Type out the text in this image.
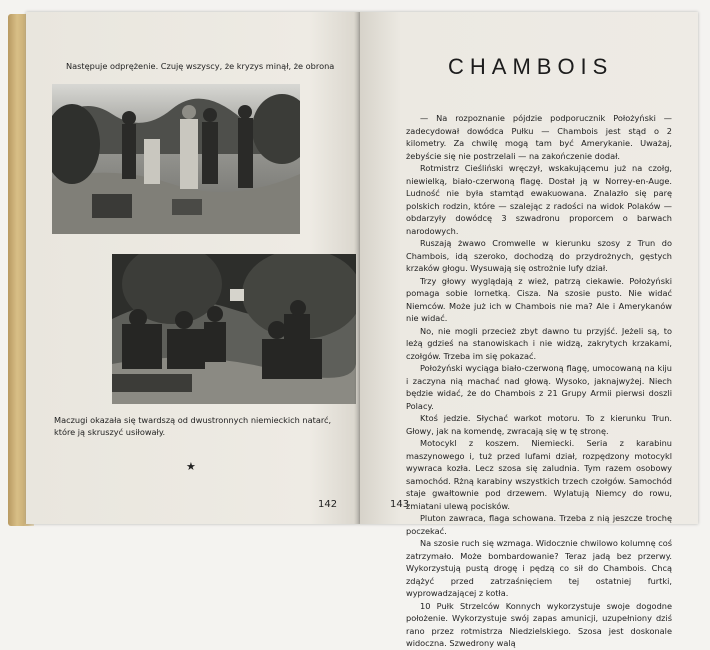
Następuje odprężenie. Czuję wszyscy, że kryzys minął, że obrona
Maczugi okazała się twardszą od dwustronnych niemieckich natarć,
które ją skruszyć usiłowały.
★
142
CHAMBOIS

— Na rozpoznanie pójdzie podporucznik Położyński — zadecydował dowódca Pułku — Chambois jest stąd o 2 kilometry. Za chwilę mogą tam być Amerykanie. Uważaj, żebyście się nie postrzelali — na zakończenie dodał.

Rotmistrz Cieśliński wręczył, wskakującemu już na czołg, niewielką, biało-czerwoną flagę. Dostał ją w Norrey-en-Auge. Ludność nie była stamtąd ewakuowana. Znalazło się parę polskich rodzin, które — szalejąc z radości na widok Polaków — obdarzyły dowódcę 3 szwadronu proporcem o barwach narodowych.

Ruszają żwawo Cromwelle w kierunku szosy z Trun do Chambois, idą szeroko, dochodzą do przydrożnych, gęstych krzaków głogu. Wysuwają się ostrożnie lufy dział.

Trzy głowy wyglądają z wież, patrzą ciekawie. Położyński pomaga sobie lornetką. Cisza. Na szosie pusto. Nie widać Niemców. Może już ich w Chambois nie ma? Ale i Amerykanów nie widać.

No, nie mogli przecież zbyt dawno tu przyjść. Jeżeli są, to leżą gdzieś na stanowiskach i nie widzą, zakrytych krzakami, czołgów. Trzeba im się pokazać.

Położyński wyciąga biało-czerwoną flagę, umocowaną na kiju i zaczyna nią machać nad głową. Wysoko, jaknajwyżej. Niech będzie widać, że do Chambois z 21 Grupy Armii pierwsi doszli Polacy.

Ktoś jedzie. Słychać warkot motoru. To z kierunku Trun. Głowy, jak na komendę, zwracają się w tę stronę.

Motocykl z koszem. Niemiecki. Seria z karabinu maszynowego i, tuż przed lufami dział, rozpędzony motocykl wywraca kozła. Lecz szosa się zaludnia. Tym razem osobowy samochód. Rżną karabiny wszystkich trzech czołgów. Samochód staje gwałtownie pod drzewem. Wylatują Niemcy do rowu, zmiatani ulewą pocisków.

Pluton zawraca, flaga schowana. Trzeba z nią jeszcze trochę poczekać.

Na szosie ruch się wzmaga. Widocznie chwilowo kolumnę coś zatrzymało. Może bombardowanie? Teraz jadą bez przerwy. Wykorzystują pustą drogę i pędzą co sił do Chambois. Chcą zdążyć przed zatrzaśnięciem tej ostatniej furtki, wyprowadzającej z kotła.

10 Pułk Strzelców Konnych wykorzystuje swoje dogodne położenie. Wykorzystuje swój zapas amunicji, uzupełniony dziś rano przez rotmistrza Niedzielskiego. Szosa jest doskonale widoczna. Szwedrony walą

143
